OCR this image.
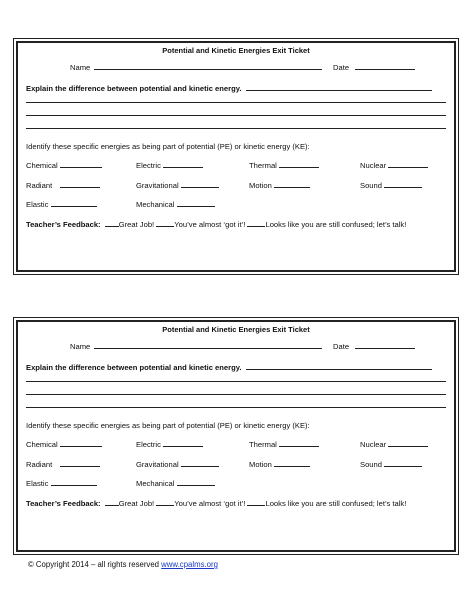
Potential and Kinetic Energies Exit Ticket
Name	Date
Explain the difference between potential and kinetic energy.
Identify these specific energies as being part of potential (PE) or kinetic energy (KE):
Chemical	Electric	Thermal	Nuclear
Radiant	Gravitational	Motion	Sound
Elastic	Mechanical
Teacher’s Feedback: Great Job!	You’ve almost ‘got it’!	Looks like you are still confused; let’s talk!
Potential and Kinetic Energies Exit Ticket
Name	Date
Explain the difference between potential and kinetic energy.
Identify these specific energies as being part of potential (PE) or kinetic energy (KE):
Chemical	Electric	Thermal	Nuclear
Radiant	Gravitational	Motion	Sound
Elastic	Mechanical
Teacher’s Feedback: Great Job!	You’ve almost ‘got it’!	Looks like you are still confused; let’s talk!
© Copyright 2014 – all rights reserved www.cpalms.org
